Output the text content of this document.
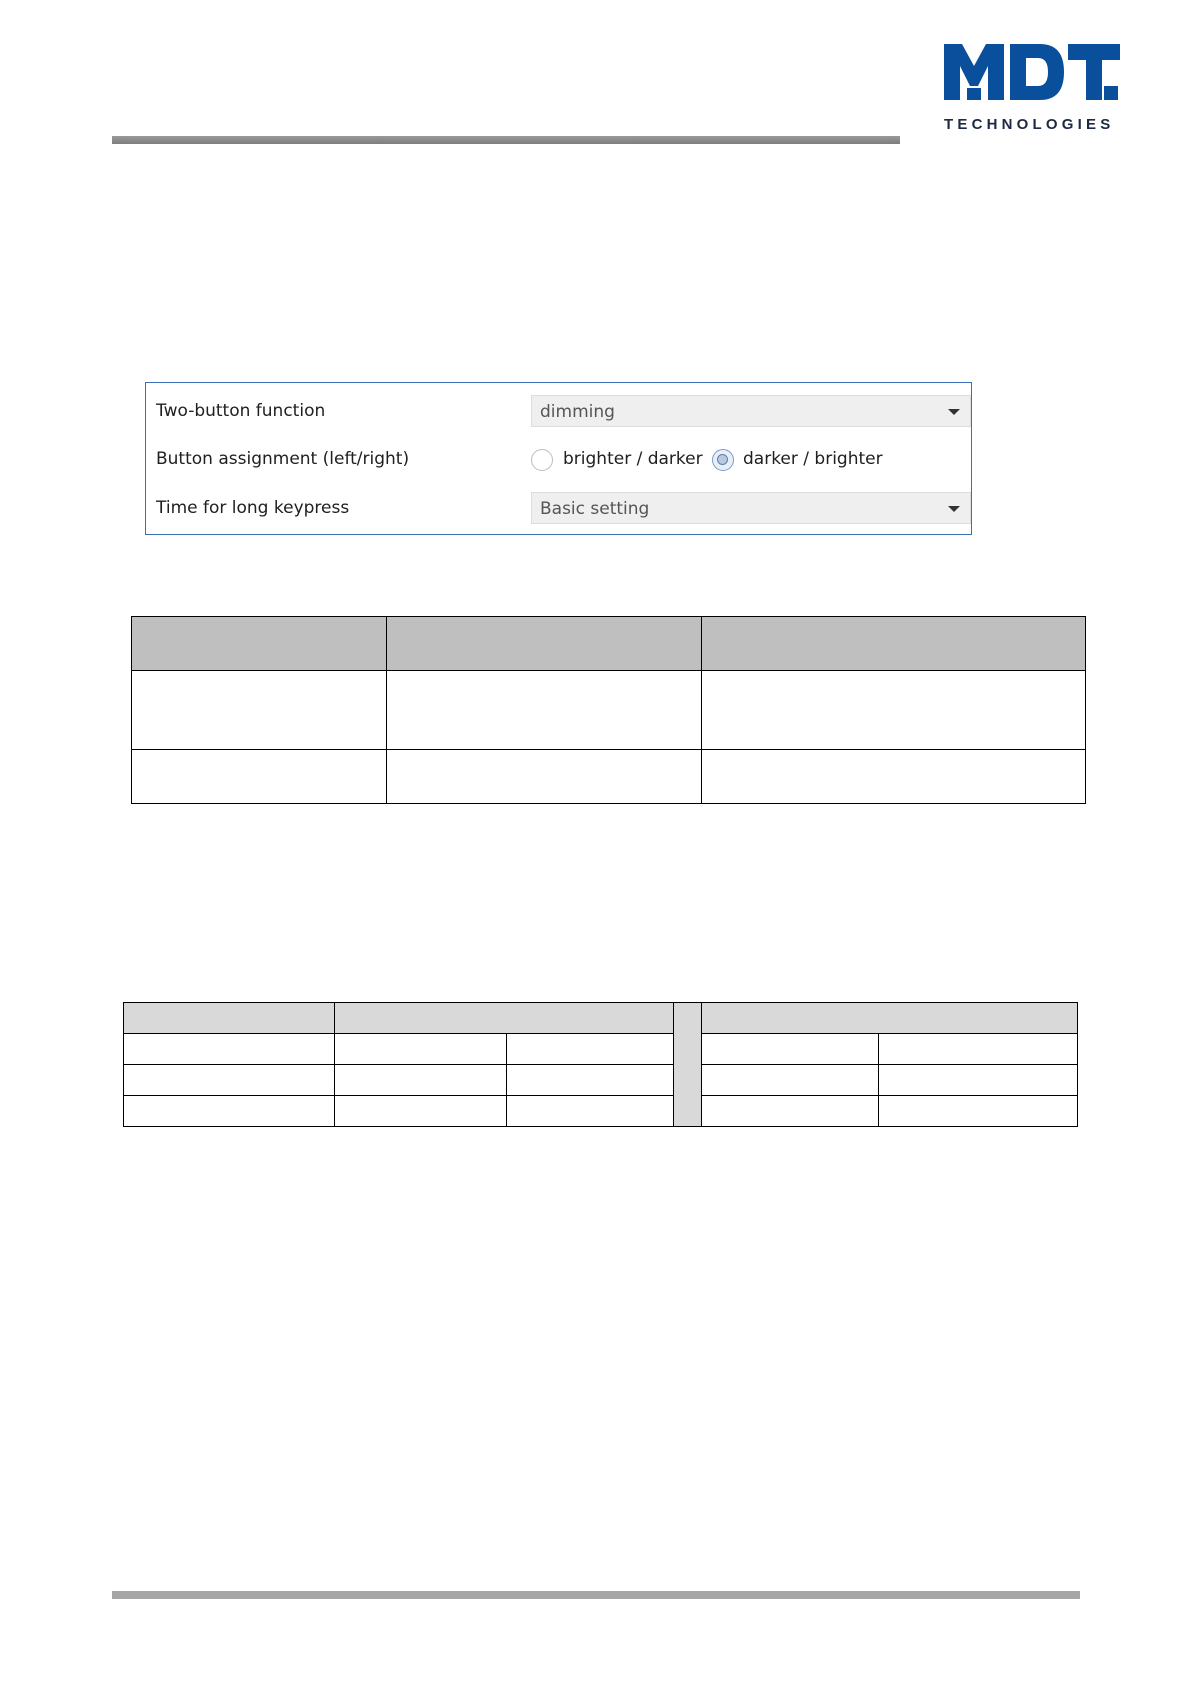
TECHNOLOGIES
Two-button function	dimming
Button assignment (left/right)	brighter / darker darker / brighter
Time for long keypress	Basic setting
